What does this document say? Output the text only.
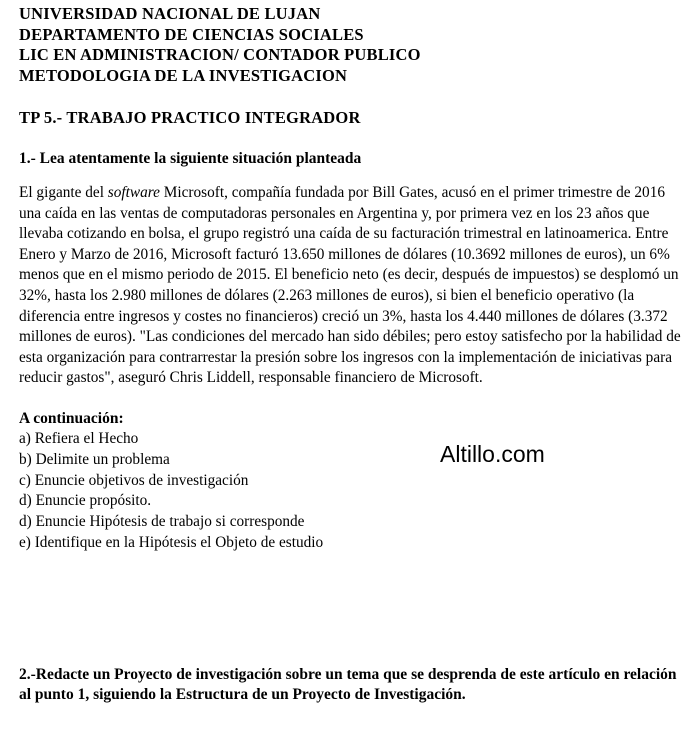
UNIVERSIDAD NACIONAL DE LUJAN
DEPARTAMENTO DE CIENCIAS SOCIALES
LIC EN ADMINISTRACION/ CONTADOR PUBLICO
METODOLOGIA DE LA INVESTIGACION
TP 5.- TRABAJO PRACTICO INTEGRADOR
1.- Lea atentamente la siguiente situación planteada
El gigante del software Microsoft, compañía fundada por Bill Gates, acusó en el primer trimestre de 2016 una caída en las ventas de computadoras personales en Argentina y, por primera vez en los 23 años que llevaba cotizando en bolsa, el grupo registró una caída de su facturación trimestral en latinoamerica. Entre Enero y Marzo de 2016, Microsoft facturó 13.650 millones de dólares (10.3692 millones de euros), un 6% menos que en el mismo periodo de 2015. El beneficio neto (es decir, después de impuestos) se desplomó un 32%, hasta los 2.980 millones de dólares (2.263 millones de euros), si bien el beneficio operativo (la diferencia entre ingresos y costes no financieros) creció un 3%, hasta los 4.440 millones de dólares (3.372 millones de euros). "Las condiciones del mercado han sido débiles; pero estoy satisfecho por la habilidad de esta organización para contrarrestar la presión sobre los ingresos con la implementación de iniciativas para reducir gastos", aseguró Chris Liddell, responsable financiero de Microsoft.
A continuación:
a) Refiera el Hecho
b) Delimite un problema
c) Enuncie objetivos de investigación
d) Enuncie propósito.
d) Enuncie Hipótesis de trabajo si corresponde
e) Identifique en la Hipótesis el Objeto de estudio
Altillo.com
2.-Redacte un Proyecto de investigación sobre un tema que se desprenda de este artículo en relación al punto 1, siguiendo la Estructura de un Proyecto de Investigación.
